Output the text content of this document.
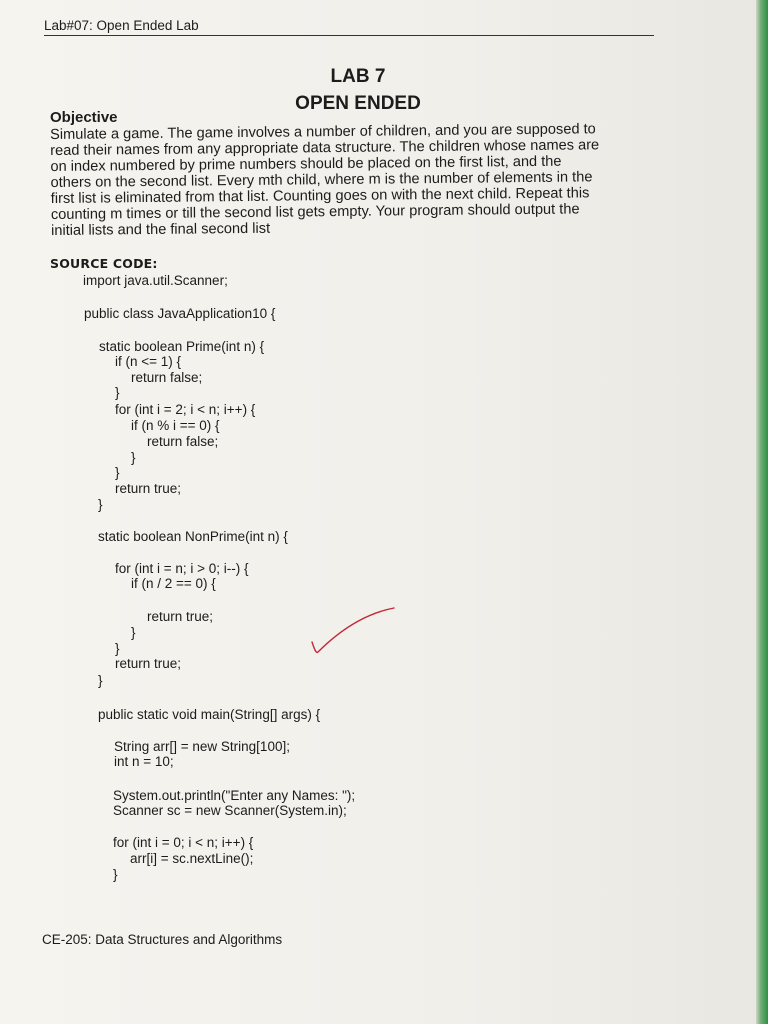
Lab#07: Open Ended Lab
LAB 7
OPEN ENDED
Objective
Simulate a game. The game involves a number of children, and you are supposed to
read their names from any appropriate data structure. The children whose names are
on index numbered by prime numbers should be placed on the first list, and the
others on the second list. Every mth child, where m is the number of elements in the
first list is eliminated from that list. Counting goes on with the next child. Repeat this
counting m times or till the second list gets empty. Your program should output the
initial lists and the final second list
SOURCE CODE:
import java.util.Scanner;
public class JavaApplication10 {
static boolean Prime(int n) {
if (n <= 1) {
return false;
}
for (int i = 2; i < n; i++) {
if (n % i == 0) {
return false;
}
}
return true;
}
static boolean NonPrime(int n) {
for (int i = n; i > 0; i--) {
if (n / 2 == 0) {
return true;
}
}
return true;
}
public static void main(String[] args) {
String arr[] = new String[100];
int n = 10;
System.out.println("Enter any Names: ");
Scanner sc = new Scanner(System.in);
for (int i = 0; i < n; i++) {
arr[i] = sc.nextLine();
}
CE-205: Data Structures and Algorithms
